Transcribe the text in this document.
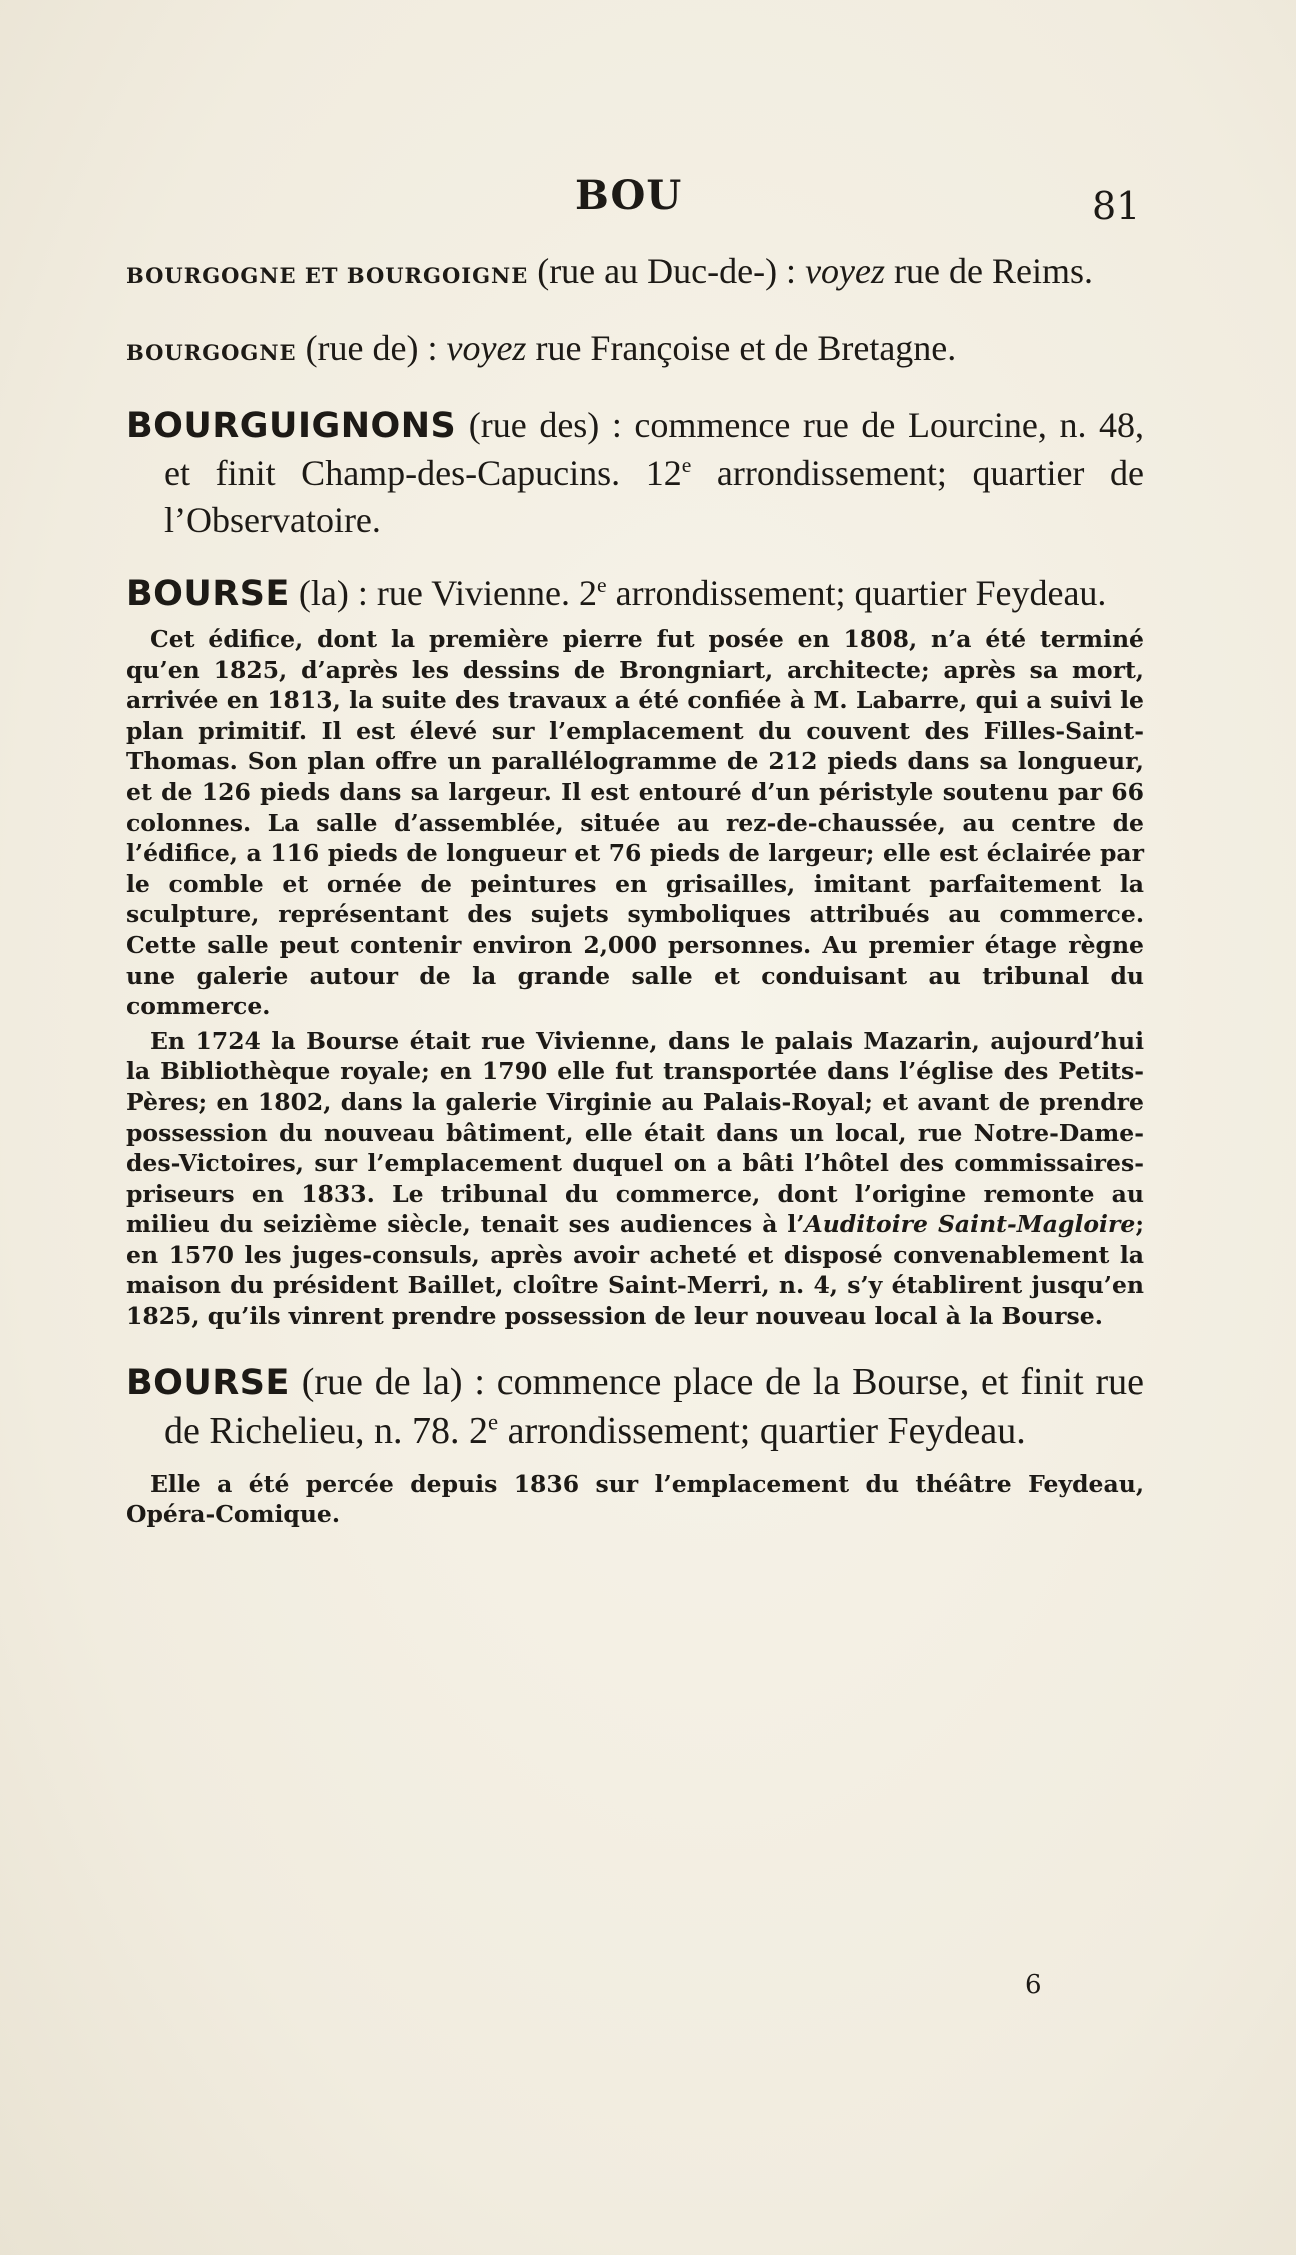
BOU	81

BOURGOGNE ET BOURGOIGNE (rue au Duc-de-) : voyez rue de Reims.

BOURGOGNE (rue de) : voyez rue Françoise et de Bretagne.

BOURGUIGNONS (rue des) : commence rue de Lourcine, n. 48, et finit Champ-des-Capucins. 12e arrondissement; quartier de l’Observatoire.

BOURSE (la) : rue Vivienne. 2e arrondissement; quartier Feydeau.

Cet édifice, dont la première pierre fut posée en 1808, n’a été terminé qu’en 1825, d’après les dessins de Brongniart, architecte; après sa mort, arrivée en 1813, la suite des travaux a été confiée à M. Labarre, qui a suivi le plan primitif. Il est élevé sur l’emplacement du couvent des Filles-Saint-Thomas. Son plan offre un parallélogramme de 212 pieds dans sa longueur, et de 126 pieds dans sa largeur. Il est entouré d’un péristyle soutenu par 66 colonnes. La salle d’assemblée, située au rez-de-chaussée, au centre de l’édifice, a 116 pieds de longueur et 76 pieds de largeur; elle est éclairée par le comble et ornée de peintures en grisailles, imitant parfaitement la sculpture, représentant des sujets symboliques attribués au commerce. Cette salle peut contenir environ 2,000 personnes. Au premier étage règne une galerie autour de la grande salle et conduisant au tribunal du commerce.

En 1724 la Bourse était rue Vivienne, dans le palais Mazarin, aujourd’hui la Bibliothèque royale; en 1790 elle fut transportée dans l’église des Petits-Pères; en 1802, dans la galerie Virginie au Palais-Royal; et avant de prendre possession du nouveau bâtiment, elle était dans un local, rue Notre-Dame-des-Victoires, sur l’emplacement duquel on a bâti l’hôtel des commissaires-priseurs en 1833. Le tribunal du commerce, dont l’origine remonte au milieu du seizième siècle, tenait ses audiences à l’Auditoire Saint-Magloire; en 1570 les juges-consuls, après avoir acheté et disposé convenablement la maison du président Baillet, cloître Saint-Merri, n. 4, s’y établirent jusqu’en 1825, qu’ils vinrent prendre possession de leur nouveau local à la Bourse.

BOURSE (rue de la) : commence place de la Bourse, et finit rue de Richelieu, n. 78. 2e arrondissement; quartier Feydeau.

Elle a été percée depuis 1836 sur l’emplacement du théâtre Feydeau, Opéra-Comique.

6
